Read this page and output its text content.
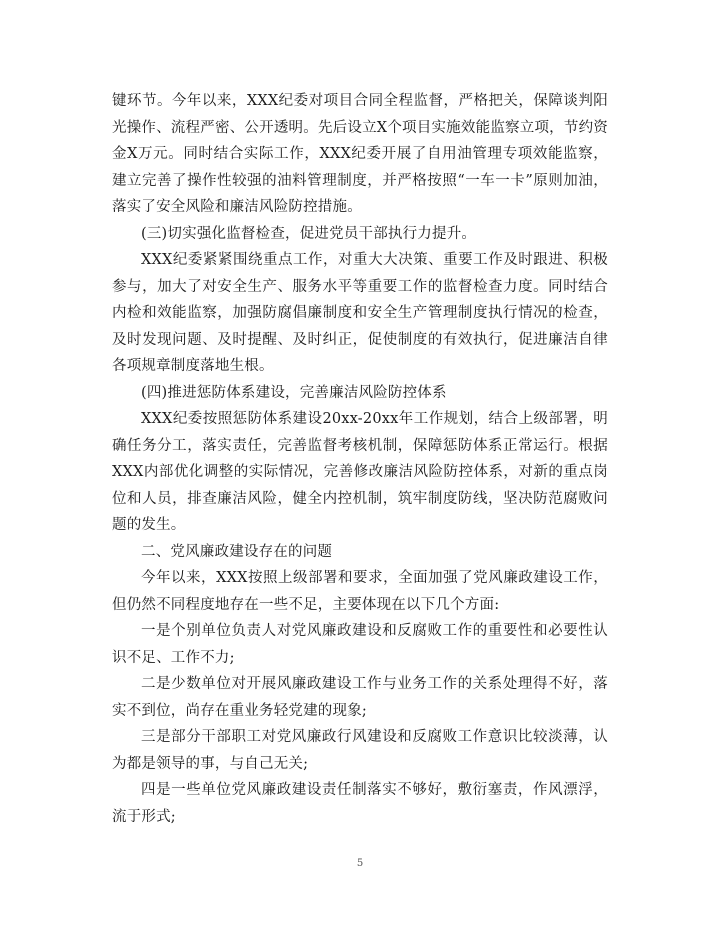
键环节。今年以来，XXX纪委对项目合同全程监督，严格把关，保障谈判阳光操作、流程严密、公开透明。先后设立X个项目实施效能监察立项，节约资金X万元。同时结合实际工作，XXX纪委开展了自用油管理专项效能监察，建立完善了操作性较强的油料管理制度，并严格按照“一车一卡”原则加油，落实了安全风险和廉洁风险防控措施。

(三)切实强化监督检查，促进党员干部执行力提升。

XXX纪委紧紧围绕重点工作，对重大大决策、重要工作及时跟进、积极参与，加大了对安全生产、服务水平等重要工作的监督检查力度。同时结合内检和效能监察，加强防腐倡廉制度和安全生产管理制度执行情况的检查，及时发现问题、及时提醒、及时纠正，促使制度的有效执行，促进廉洁自律各项规章制度落地生根。

(四)推进惩防体系建设，完善廉洁风险防控体系

XXX纪委按照惩防体系建设20xx-20xx年工作规划，结合上级部署，明确任务分工，落实责任，完善监督考核机制，保障惩防体系正常运行。根据XXX内部优化调整的实际情况，完善修改廉洁风险防控体系，对新的重点岗位和人员，排查廉洁风险，健全内控机制，筑牢制度防线，坚决防范腐败问题的发生。

二、党风廉政建设存在的问题

今年以来，XXX按照上级部署和要求，全面加强了党风廉政建设工作，但仍然不同程度地存在一些不足，主要体现在以下几个方面:

一是个别单位负责人对党风廉政建设和反腐败工作的重要性和必要性认识不足、工作不力;

二是少数单位对开展风廉政建设工作与业务工作的关系处理得不好，落实不到位，尚存在重业务轻党建的现象;

三是部分干部职工对党风廉政行风建设和反腐败工作意识比较淡薄，认为都是领导的事，与自己无关;

四是一些单位党风廉政建设责任制落实不够好，敷衍塞责，作风漂浮，流于形式;

5
